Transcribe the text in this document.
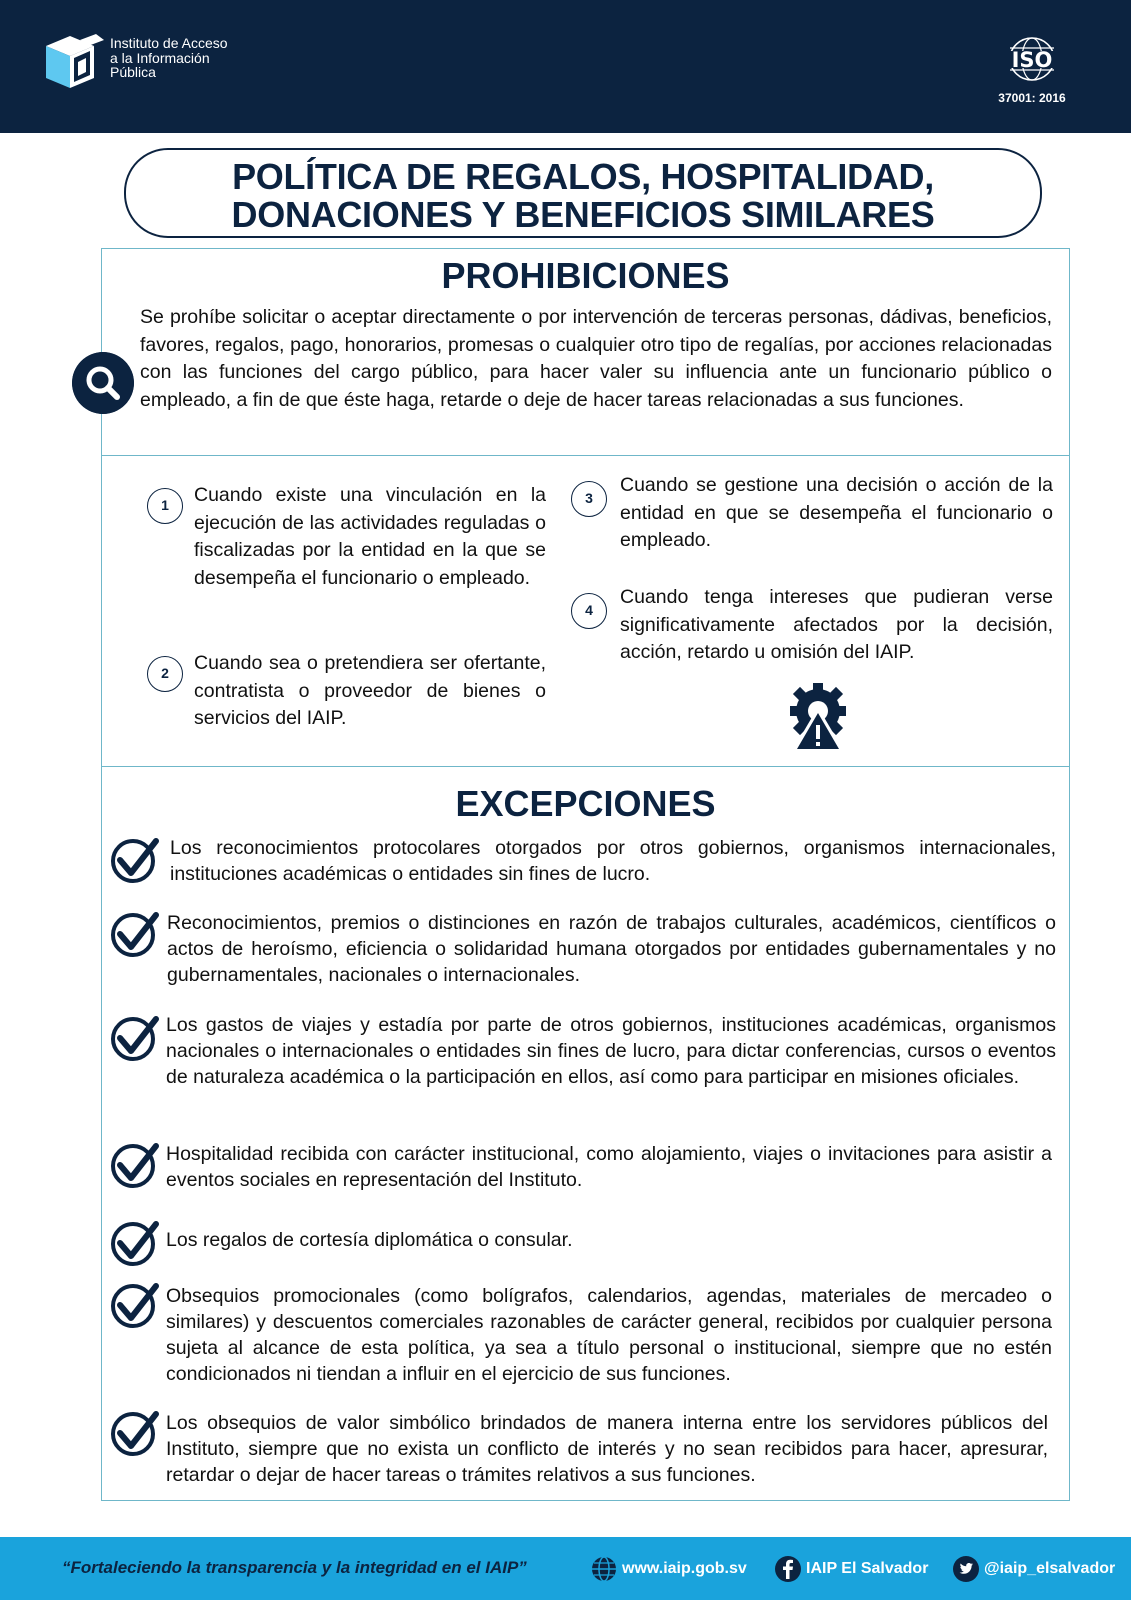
Instituto de Acceso
a la Información
Pública	ISO
37001: 2016
POLÍTICA DE REGALOS, HOSPITALIDAD,
DONACIONES Y BENEFICIOS SIMILARES
PROHIBICIONES
Se prohíbe solicitar o aceptar directamente o por intervención de terceras personas, dádivas, beneficios, favores, regalos, pago, honorarios, promesas o cualquier otro tipo de regalías, por acciones relacionadas con las funciones del cargo público, para hacer valer su influencia ante un funcionario público o empleado, a fin de que éste haga, retarde o deje de hacer tareas relacionadas a sus funciones.
1	Cuando existe una vinculación en la ejecución de las actividades reguladas o fiscalizadas por la entidad en la que se desempeña el funcionario o empleado.
2	Cuando sea o pretendiera ser ofertante, contratista o proveedor de bienes o servicios del IAIP.
3
Cuando se gestione una decisión o acción de la entidad en que se desempeña el funcionario o empleado.
4
Cuando tenga intereses que pudieran verse significativamente afectados por la decisión, acción, retardo u omisión del IAIP.
EXCEPCIONES
Los reconocimientos protocolares otorgados por otros gobiernos, organismos internacionales, instituciones académicas o entidades sin fines de lucro.
Reconocimientos, premios o distinciones en razón de trabajos culturales, académicos, científicos o actos de heroísmo, eficiencia o solidaridad humana otorgados por entidades gubernamentales y no gubernamentales, nacionales o internacionales.
Los gastos de viajes y estadía por parte de otros gobiernos, instituciones académicas, organismos nacionales o internacionales o entidades sin fines de lucro, para dictar conferencias, cursos o eventos de naturaleza académica o la participación en ellos, así como para participar en misiones oficiales.
Hospitalidad recibida con carácter institucional, como alojamiento, viajes o invitaciones para asistir a eventos sociales en representación del Instituto.
Los regalos de cortesía diplomática o consular.
Obsequios promocionales (como bolígrafos, calendarios, agendas, materiales de mercadeo o similares) y descuentos comerciales razonables de carácter general, recibidos por cualquier persona sujeta al alcance de esta política, ya sea a título personal o institucional, siempre que no estén condicionados ni tiendan a influir en el ejercicio de sus funciones.
Los obsequios de valor simbólico brindados de manera interna entre los servidores públicos del Instituto, siempre que no exista un conflicto de interés y no sean recibidos para hacer, apresurar, retardar o dejar de hacer tareas o trámites relativos a sus funciones.
“Fortaleciendo la transparencia y la integridad en el IAIP”	www.iaip.gob.sv	IAIP El Salvador	@iaip_elsalvador
